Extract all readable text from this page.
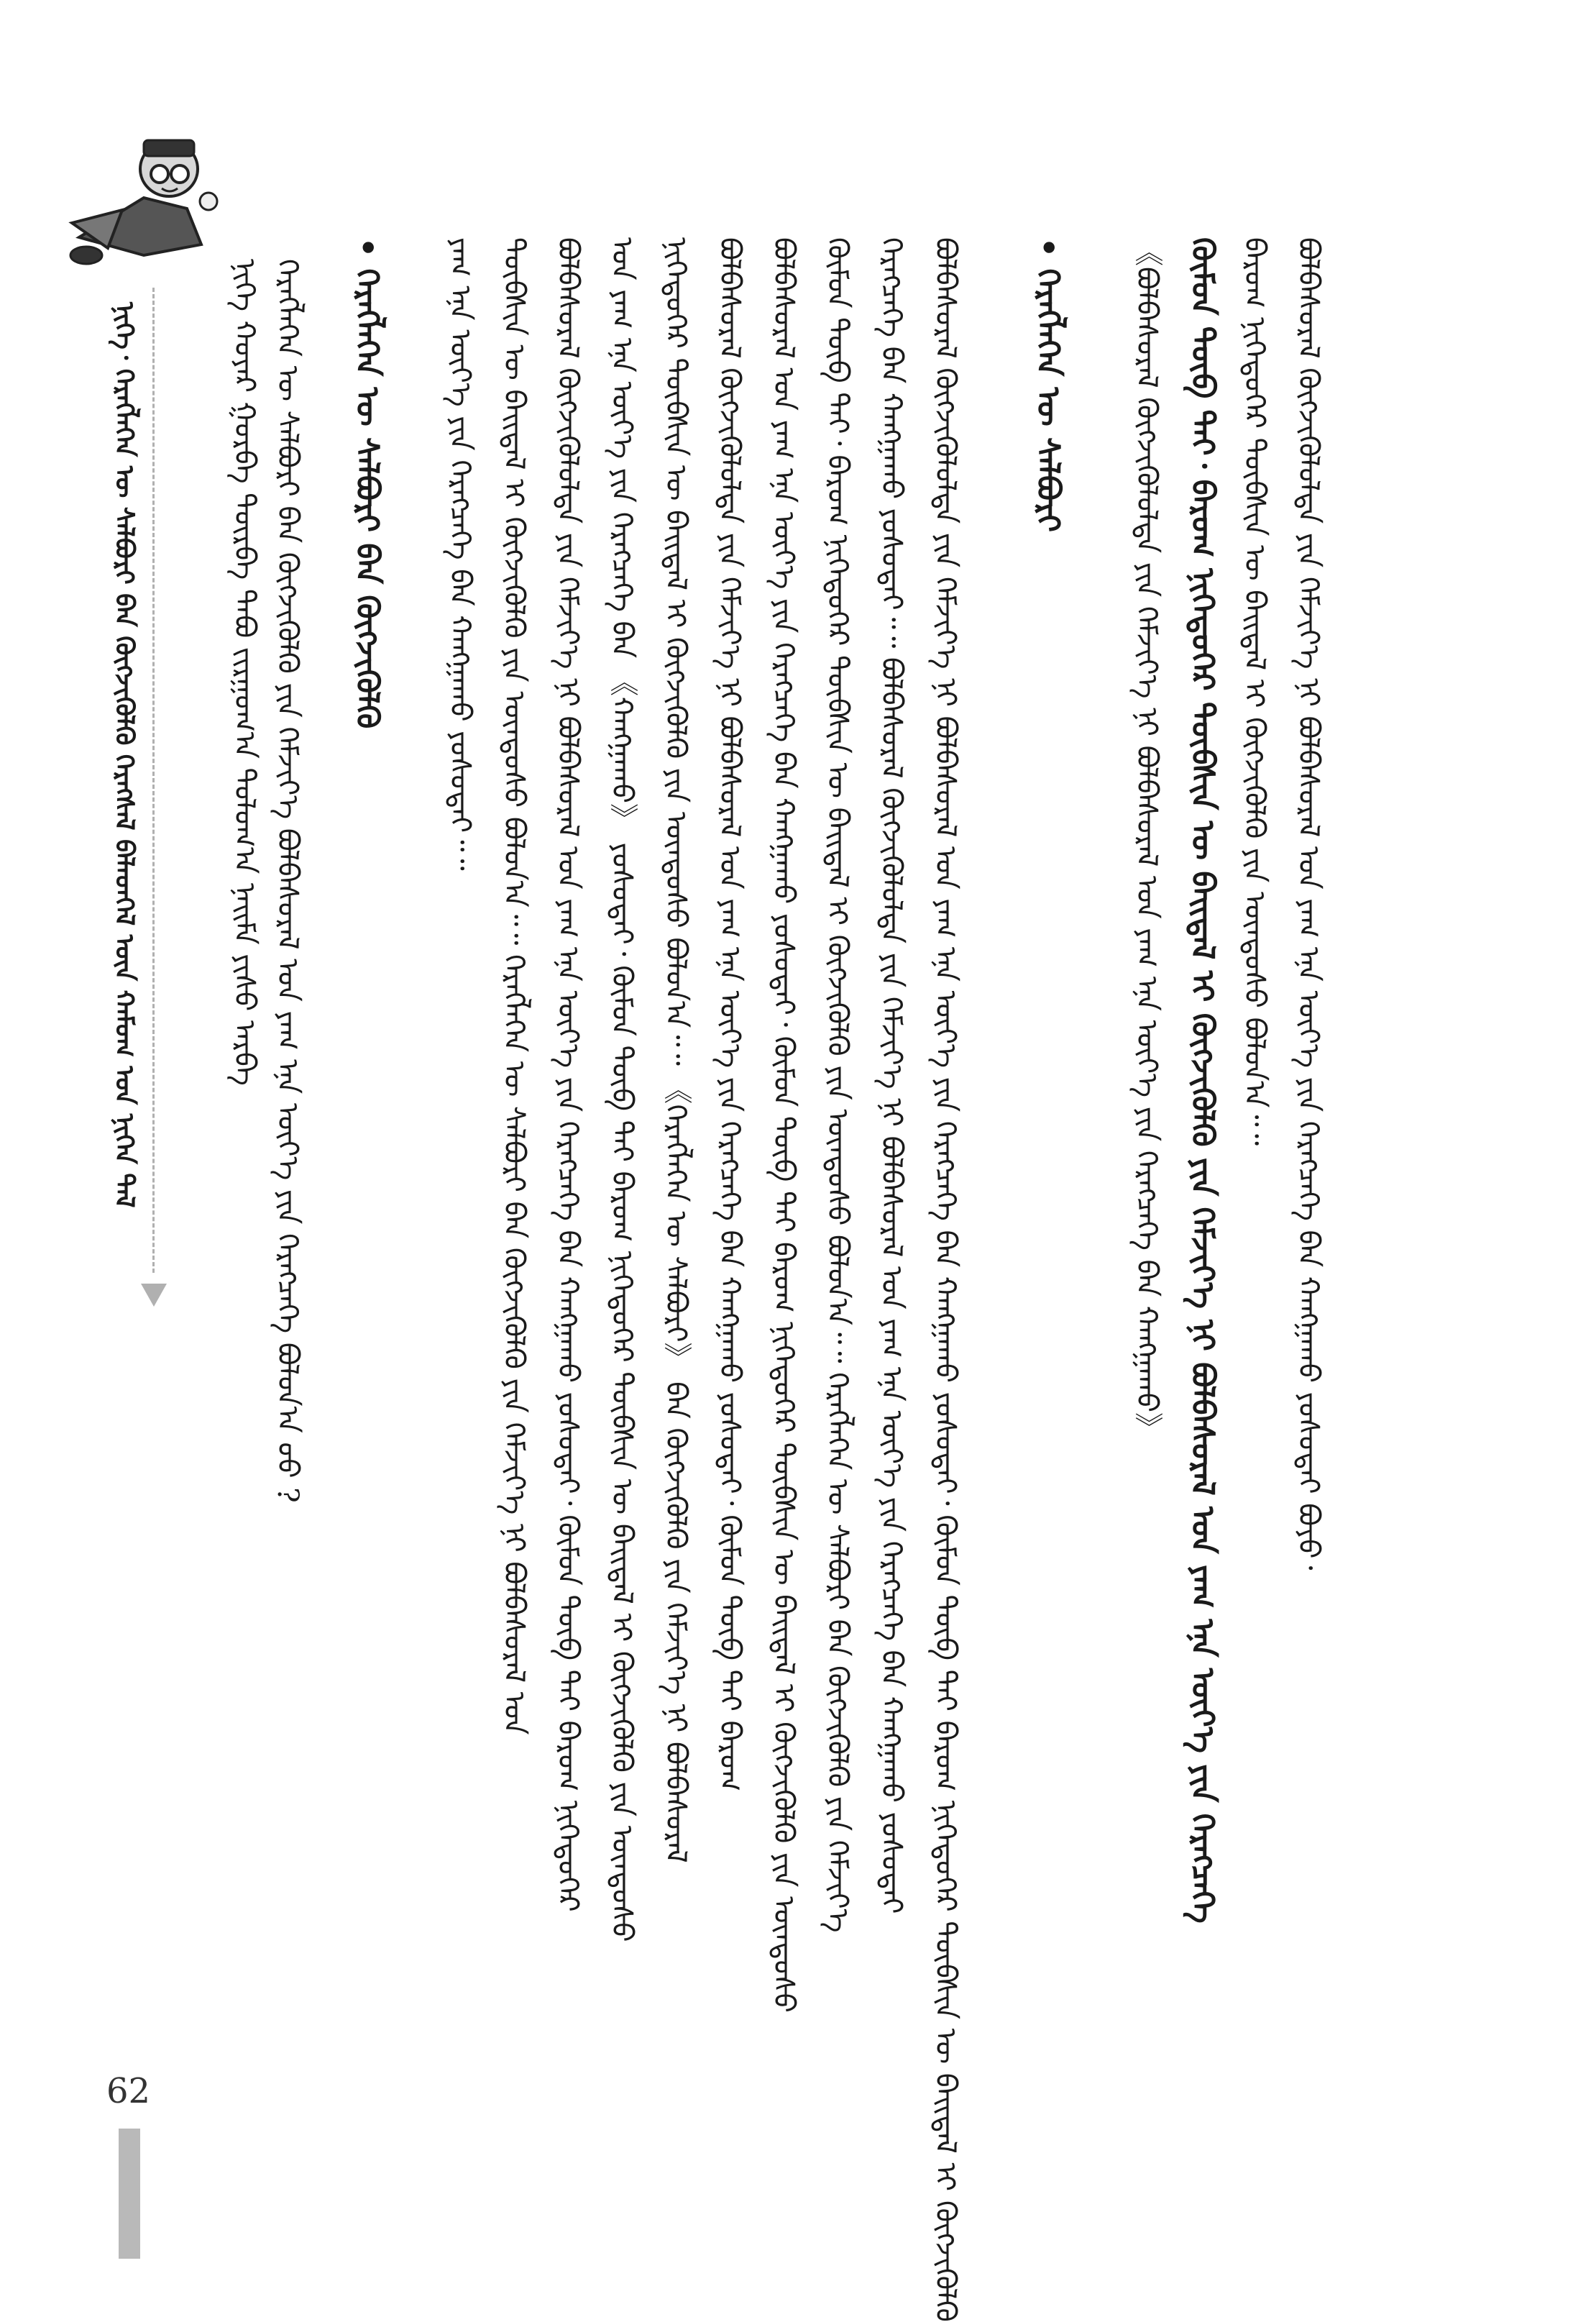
ᠨᠢᠭᠡ᠂ ᠬᠡᠷᠡᠭᠯᠡᠭᠡᠨ ᠦ ᠰᠠᠯᠪᠤᠷᠢ ᠪᠠᠨ ᠬᠥᠭᠵᠢᠭᠦᠯᠬᠦ ᠬᠡᠷᠡᠭᠰᠡᠯ ᠪᠡᠯᠡᠳᠬᠡᠯ ᠦᠨ ᠬᠠᠮᠤᠭ ᠤᠨ ᠨᠢᠭᠡᠨ ᠲᠡᠯ
62
ᠨᠢᠭᠡ ᠬᠣᠶᠠᠷ ᠭᠤᠷᠪᠠ ᠳᠥᠷᠪᠡ ᠲᠠᠪᠤ ᠵᠢᠷᠭᠤᠭ᠎ᠠ ᠳᠣᠯᠤᠭ᠎ᠠ ᠨᠠᠢᠮᠠ ᠶᠢᠰᠦ ᠠᠷᠪᠠ ᠬᠡᠷᠡᠭᠯᠡᠭᠡᠨ ᠦ ᠰᠠᠯᠪᠤᠷᠢ ᠪᠠᠨ ᠬᠥᠭᠵᠢᠭᠦᠯᠬᠦ ᠶᠢᠨ ᠬᠡᠮᠵᠢᠶ᠎ᠡ ᠪᠣᠯᠪᠠᠰᠤᠷᠠᠯ ᠤᠨ ᠶᠠᠭ ᠡᠨᠡ ᠦᠶ᠎ᠡ ᠶᠢᠨ ᠬᠡᠷᠡᠭᠴᠡᠭᠡ ᠪᠣᠯᠤᠨ᠎ᠠ ᠤᠤ ? • ᠬᠡᠷᠡᠭᠯᠡᠭᠡᠨ ᠦ ᠰᠠᠯᠪᠤᠷᠢ ᠪᠠᠨ ᠬᠥᠭᠵᠢᠭᠦᠯᠬᠦ ᠶᠠᠭ ᠡᠨᠡ ᠦᠶ᠎ᠡ ᠶᠢᠨ ᠬᠡᠷᠡᠭᠴᠡᠭᠡ ᠪᠠᠨ ᠬᠠᠩᠭᠠᠬᠤ ᠶᠤᠰᠤᠲᠠᠢ᠃᠃ ᠲᠦᠪᠰᠢᠨ ᠦ ᠪᠠᠢᠳᠠᠯ ᠢ ᠬᠥᠭᠵᠢᠭᠦᠯᠬᠦ ᠶᠢᠨ ᠦᠨᠳᠦᠰᠦ ᠪᠣᠯᠤᠨ᠎ᠠ᠃᠃ ᠬᠡᠷᠡᠭᠯᠡᠭᠡᠨ ᠦ ᠰᠠᠯᠪᠤᠷᠢ ᠪᠠᠨ ᠬᠥᠭᠵᠢᠭᠦᠯᠬᠦ ᠶᠢᠨ ᠬᠡᠮᠵᠢᠶ᠎ᠡ ᠨᠢ ᠪᠣᠯᠪᠠᠰᠤᠷᠠᠯ ᠤᠨ ᠪᠣᠯᠪᠠᠰᠤᠷᠠᠯ ᠬᠥᠭᠵᠢᠭᠦᠯᠦᠯᠲᠡ ᠶᠢᠨ ᠬᠡᠮᠵᠢᠶ᠎ᠡ ᠨᠢ ᠪᠣᠯᠪᠠᠰᠤᠷᠠᠯ ᠤᠨ ᠶᠠᠭ ᠡᠨᠡ ᠦᠶ᠎ᠡ ᠶᠢᠨ ᠬᠡᠷᠡᠭᠴᠡᠭᠡ ᠪᠠᠨ ᠬᠠᠩᠭᠠᠬᠤ ᠶᠤᠰᠤᠲᠠᠢ᠂ ᠬᠦᠮᠦᠨ ᠲᠥᠪ ᠲᠡᠢ ᠪᠠᠷᠤᠭ ᠨᠢᠭᠡᠳᠦᠭᠡᠷ ᠤᠨ ᠶᠠᠭ ᠡᠨᠡ ᠦᠶ᠎ᠡ ᠶᠢᠨ ᠬᠡᠷᠡᠭᠴᠡᠭᠡ ᠪᠠᠨ 《ᠬᠠᠩᠭᠠᠬᠤ》 ᠶᠤᠰᠤᠲᠠᠢ᠂ ᠬᠦᠮᠦᠨ ᠲᠥᠪ ᠲᠡᠢ ᠪᠠᠷᠤᠭ ᠨᠢᠭᠡᠳᠦᠭᠡᠷ ᠲᠦᠪᠰᠢᠨ ᠦ ᠪᠠᠢᠳᠠᠯ ᠢ ᠬᠥᠭᠵᠢᠭᠦᠯᠬᠦ ᠶᠢᠨ ᠦᠨᠳᠦᠰᠦ ᠨᠢᠭᠡᠳᠦᠭᠡᠷ ᠲᠦᠪᠰᠢᠨ ᠦ ᠪᠠᠢᠳᠠᠯ ᠢ ᠬᠥᠭᠵᠢᠭᠦᠯᠬᠦ ᠶᠢᠨ ᠦᠨᠳᠦᠰᠦ ᠪᠣᠯᠤᠨ᠎ᠠ᠃᠃ 《ᠬᠡᠷᠡᠭᠯᠡᠭᠡᠨ ᠦ ᠰᠠᠯᠪᠤᠷᠢ》 ᠪᠠᠨ ᠬᠥᠭᠵᠢᠭᠦᠯᠬᠦ ᠶᠢᠨ ᠬᠡᠮᠵᠢᠶ᠎ᠡ ᠨᠢ ᠪᠣᠯᠪᠠᠰᠤᠷᠠᠯ ᠪᠣᠯᠪᠠᠰᠤᠷᠠᠯ ᠬᠥᠭᠵᠢᠭᠦᠯᠦᠯᠲᠡ ᠶᠢᠨ ᠬᠡᠮᠵᠢᠶ᠎ᠡ ᠨᠢ ᠪᠣᠯᠪᠠᠰᠤᠷᠠᠯ ᠤᠨ ᠶᠠᠭ ᠡᠨᠡ ᠦᠶ᠎ᠡ ᠶᠢᠨ ᠬᠡᠷᠡᠭᠴᠡᠭᠡ ᠪᠠᠨ ᠬᠠᠩᠭᠠᠬᠤ ᠶᠤᠰᠤᠲᠠᠢ᠂ ᠬᠦᠮᠦᠨ ᠲᠥᠪ ᠲᠡᠢ ᠪᠠᠷᠤᠭ ᠪᠣᠯᠪᠠᠰᠤᠷᠠᠯ ᠤᠨ ᠶᠠᠭ ᠡᠨᠡ ᠦᠶ᠎ᠡ ᠶᠢᠨ ᠬᠡᠷᠡᠭᠴᠡᠭᠡ ᠪᠠᠨ ᠬᠠᠩᠭᠠᠬᠤ ᠶᠤᠰᠤᠲᠠᠢ᠂ ᠬᠦᠮᠦᠨ ᠲᠥᠪ ᠲᠡᠢ ᠪᠠᠷᠤᠭ ᠨᠢᠭᠡᠳᠦᠭᠡᠷ ᠲᠦᠪᠰᠢᠨ ᠦ ᠪᠠᠢᠳᠠᠯ ᠢ ᠬᠥᠭᠵᠢᠭᠦᠯᠬᠦ ᠶᠢᠨ ᠦᠨᠳᠦᠰᠦ ᠬᠦᠮᠦᠨ ᠲᠥᠪ ᠲᠡᠢ᠂ ᠪᠠᠷᠤᠭ ᠨᠢᠭᠡᠳᠦᠭᠡᠷ ᠲᠦᠪᠰᠢᠨ ᠦ ᠪᠠᠢᠳᠠᠯ ᠢ ᠬᠥᠭᠵᠢᠭᠦᠯᠬᠦ ᠶᠢᠨ ᠦᠨᠳᠦᠰᠦ ᠪᠣᠯᠤᠨ᠎ᠠ᠃᠃ ᠬᠡᠷᠡᠭᠯᠡᠭᠡᠨ ᠦ ᠰᠠᠯᠪᠤᠷᠢ ᠪᠠᠨ ᠬᠥᠭᠵᠢᠭᠦᠯᠬᠦ ᠶᠢᠨ ᠬᠡᠮᠵᠢᠶ᠎ᠡ ᠬᠡᠷᠡᠭᠴᠡᠭᠡ ᠪᠠᠨ ᠬᠠᠩᠭᠠᠬᠤ ᠶᠤᠰᠤᠲᠠᠢ᠃᠃ ᠪᠣᠯᠪᠠᠰᠤᠷᠠᠯ ᠬᠥᠭᠵᠢᠭᠦᠯᠦᠯᠲᠡ ᠶᠢᠨ ᠬᠡᠮᠵᠢᠶ᠎ᠡ ᠨᠢ ᠪᠣᠯᠪᠠᠰᠤᠷᠠᠯ ᠤᠨ ᠶᠠᠭ ᠡᠨᠡ ᠦᠶ᠎ᠡ ᠶᠢᠨ ᠬᠡᠷᠡᠭᠴᠡᠭᠡ ᠪᠠᠨ ᠬᠠᠩᠭᠠᠬᠤ ᠶᠤᠰᠤᠲᠠᠢ ᠪᠣᠯᠪᠠᠰᠤᠷᠠᠯ ᠬᠥᠭᠵᠢᠭᠦᠯᠦᠯᠲᠡ ᠶᠢᠨ ᠬᠡᠮᠵᠢᠶ᠎ᠡ ᠨᠢ ᠪᠣᠯᠪᠠᠰᠤᠷᠠᠯ ᠤᠨ ᠶᠠᠭ ᠡᠨᠡ ᠦᠶ᠎ᠡ ᠶᠢᠨ ᠬᠡᠷᠡᠭᠴᠡᠭᠡ ᠪᠠᠨ ᠬᠠᠩᠭᠠᠬᠤ ᠶᠤᠰᠤᠲᠠᠢ᠂ ᠬᠦᠮᠦᠨ ᠲᠥᠪ ᠲᠡᠢ ᠪᠠᠷᠤᠭ ᠨᠢᠭᠡᠳᠦᠭᠡᠷ ᠲᠦᠪᠰᠢᠨ ᠦ ᠪᠠᠢᠳᠠᠯ ᠢ ᠬᠥᠭᠵᠢᠭᠦᠯᠬᠦ • ᠬᠡᠷᠡᠭᠯᠡᠭᠡᠨ ᠦ ᠰᠠᠯᠪᠤᠷᠢ 《ᠪᠣᠯᠪᠠᠰᠤᠷᠠᠯ ᠬᠥᠭᠵᠢᠭᠦᠯᠦᠯᠲᠡ ᠶᠢᠨ ᠬᠡᠮᠵᠢᠶ᠎ᠡ ᠨᠢ ᠪᠣᠯᠪᠠᠰᠤᠷᠠᠯ ᠤᠨ ᠶᠠᠭ ᠡᠨᠡ ᠦᠶ᠎ᠡ ᠶᠢᠨ ᠬᠡᠷᠡᠭᠴᠡᠭᠡ ᠪᠠᠨ ᠬᠠᠩᠭᠠᠬᠤ》 ᠬᠦᠮᠦᠨ ᠲᠥᠪ ᠲᠡᠢ᠂ ᠪᠠᠷᠤᠭ ᠨᠢᠭᠡᠳᠦᠭᠡᠷ ᠲᠦᠪᠰᠢᠨ ᠦ ᠪᠠᠢᠳᠠᠯ ᠢ ᠬᠥᠭᠵᠢᠭᠦᠯᠬᠦ ᠶᠢᠨ ᠬᠡᠮᠵᠢᠶ᠎ᠡ ᠨᠢ ᠪᠣᠯᠪᠠᠰᠤᠷᠠᠯ ᠤᠨ ᠶᠠᠭ ᠡᠨᠡ ᠦᠶ᠎ᠡ ᠶᠢᠨ ᠬᠡᠷᠡᠭᠴᠡᠭᠡ ᠪᠠᠷᠤᠭ ᠨᠢᠭᠡᠳᠦᠭᠡᠷ ᠲᠦᠪᠰᠢᠨ ᠦ ᠪᠠᠢᠳᠠᠯ ᠢ ᠬᠥᠭᠵᠢᠭᠦᠯᠬᠦ ᠶᠢᠨ ᠦᠨᠳᠦᠰᠦ ᠪᠣᠯᠤᠨ᠎ᠠ᠃᠃ ᠪᠣᠯᠪᠠᠰᠤᠷᠠᠯ ᠬᠥᠭᠵᠢᠭᠦᠯᠦᠯᠲᠡ ᠶᠢᠨ ᠬᠡᠮᠵᠢᠶ᠎ᠡ ᠨᠢ ᠪᠣᠯᠪᠠᠰᠤᠷᠠᠯ ᠤᠨ ᠶᠠᠭ ᠡᠨᠡ ᠦᠶ᠎ᠡ ᠶᠢᠨ ᠬᠡᠷᠡᠭᠴᠡᠭᠡ ᠪᠠᠨ ᠬᠠᠩᠭᠠᠬᠤ ᠶᠤᠰᠤᠲᠠᠢ ᠪᠤᠶᠤ᠂
